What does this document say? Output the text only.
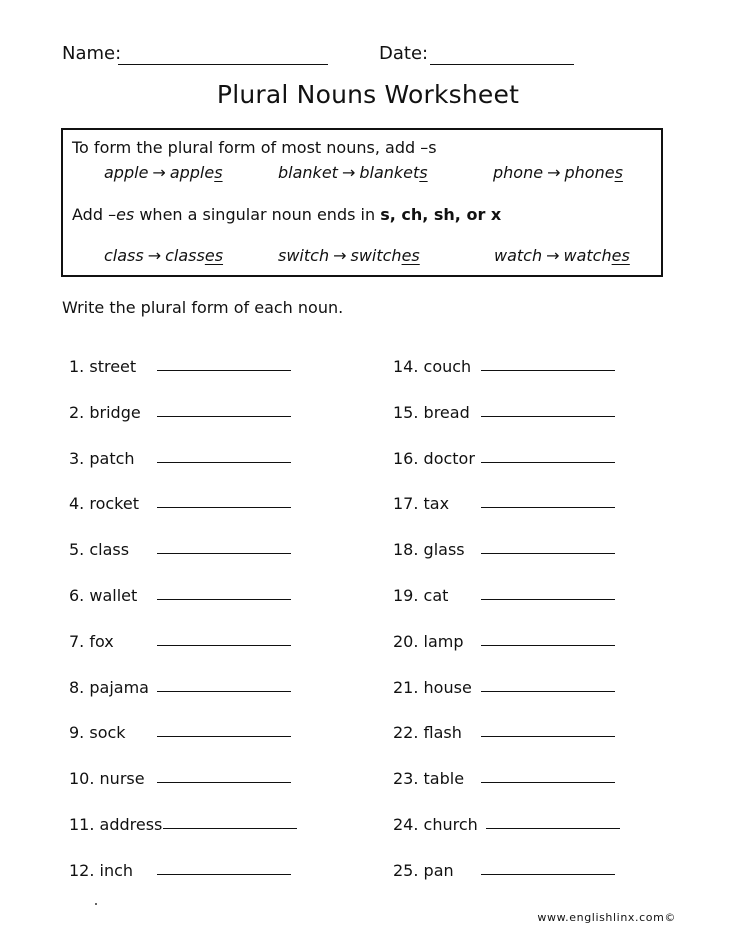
Name:	Date:
Plural Nouns Worksheet
To form the plural form of most nouns, add –s
apple → apples	blanket → blankets	phone → phones
Add –es when a singular noun ends in s, ch, sh, or x
class → classes	switch → switches	watch → watches
Write the plural form of each noun.
1. street
2. bridge
3. patch
4. rocket
5. class
6. wallet
7. fox
8. pajama
9. sock
10. nurse
11. address
12. inch
14. couch
15. bread
16. doctor
17. tax
18. glass
19. cat
20. lamp
21. house
22. flash
23. table
24. church
25. pan
www.englishlinx.com©
